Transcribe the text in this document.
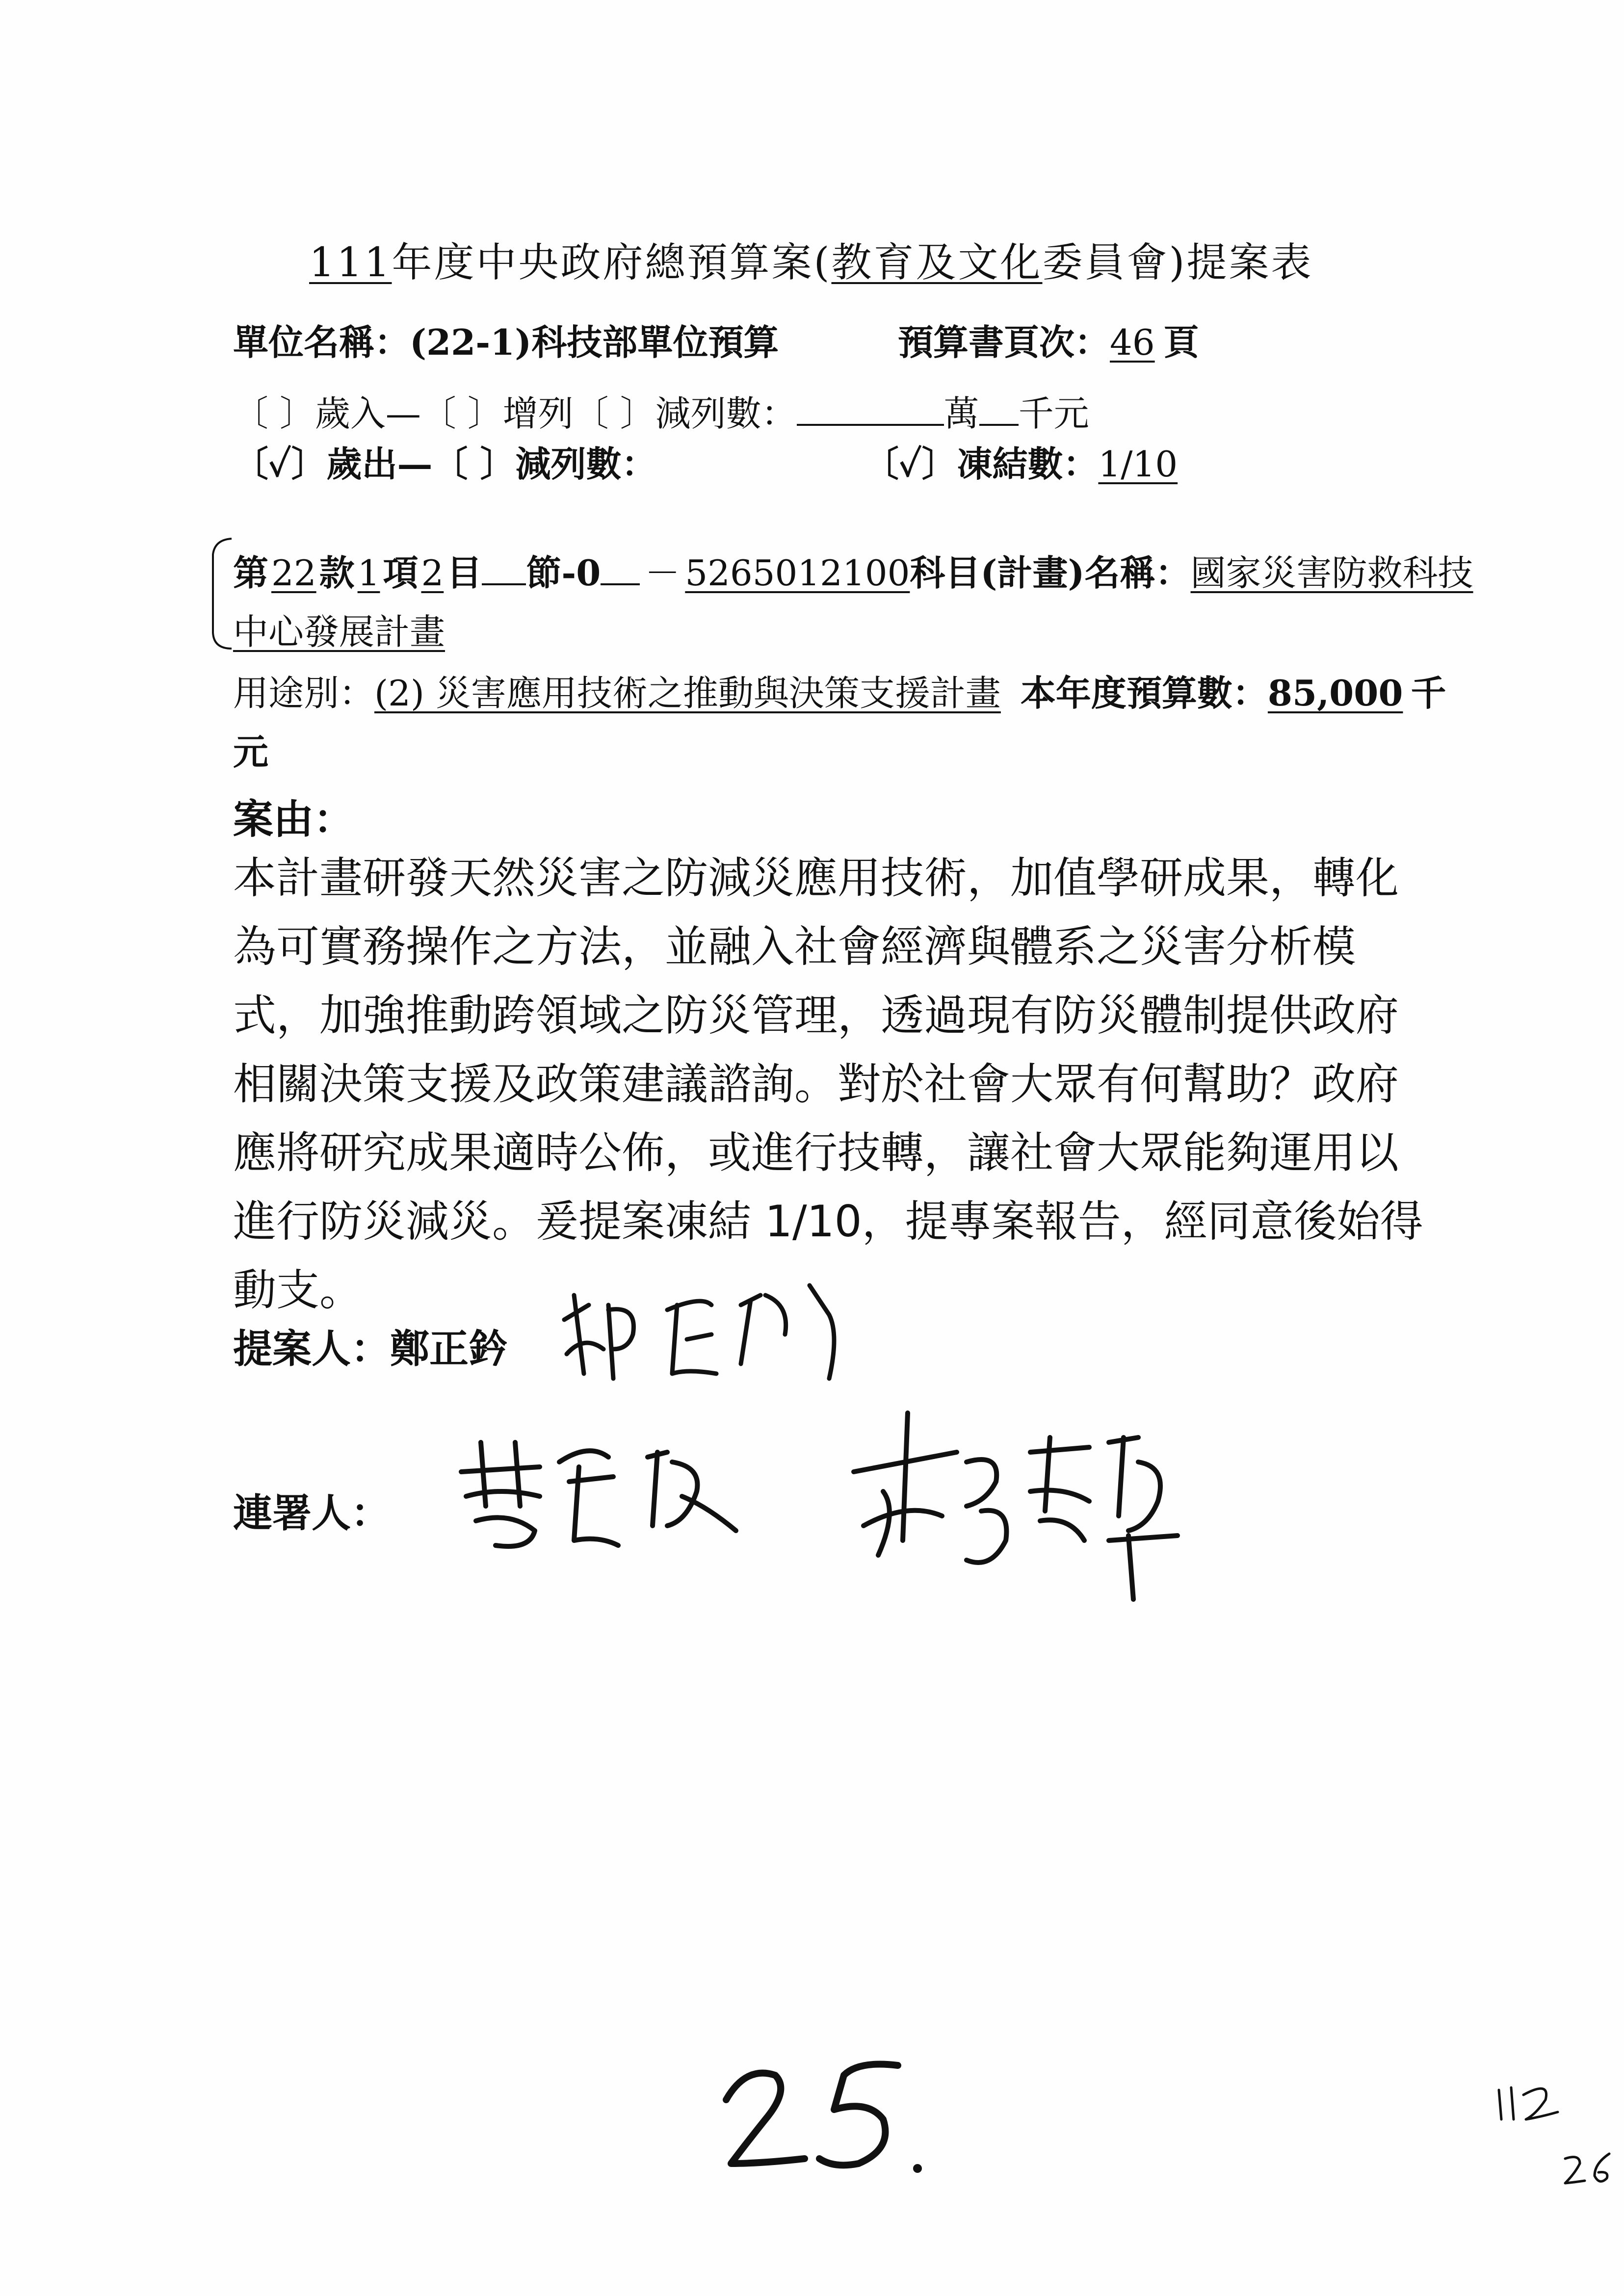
111年度中央政府總預算案(教育及文化委員會)提案表
單位名稱：(22-1)科技部單位預算	預算書頁次：46 頁
〔 〕歲入—〔 〕增列〔 〕減列數：	萬 千元
〔✓〕歲出—〔 〕減列數：	〔✓〕凍結數：1/10
第22款1項2目 節-0 － 5265012100科目(計畫)名稱：國家災害防救科技
中心發展計畫
用途別：(2) 災害應用技術之推動與決策支援計畫 本年度預算數：85,000 千
元
案由：
本計畫研發天然災害之防減災應用技術，加值學研成果，轉化
為可實務操作之方法，並融入社會經濟與體系之災害分析模
式，加強推動跨領域之防災管理，透過現有防災體制提供政府
相關決策支援及政策建議諮詢。對於社會大眾有何幫助？政府
應將研究成果適時公佈，或進行技轉，讓社會大眾能夠運用以
進行防災減災。爰提案凍結 1/10，提專案報告，經同意後始得
動支。
提案人：鄭正鈐
連署人：
